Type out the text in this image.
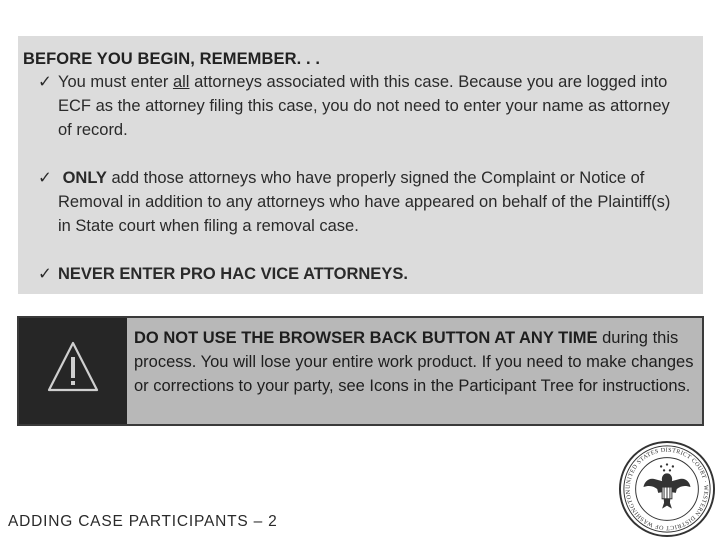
BEFORE YOU BEGIN, REMEMBER. . .
✓ You must enter all attorneys associated with this case. Because you are logged into ECF as the attorney filing this case, you do not need to enter your name as attorney of record.
✓ ONLY add those attorneys who have properly signed the Complaint or Notice of Removal in addition to any attorneys who have appeared on behalf of the Plaintiff(s) in State court when filing a removal case.
✓ NEVER ENTER PRO HAC VICE ATTORNEYS.
DO NOT USE THE BROWSER BACK BUTTON AT ANY TIME during this process. You will lose your entire work product. If you need to make changes or corrections to your party, see Icons in the Participant Tree for instructions.
ADDING CASE PARTICIPANTS – 2
UNITED STATES DISTRICT COURT · WESTERN DISTRICT OF WASHINGTON
